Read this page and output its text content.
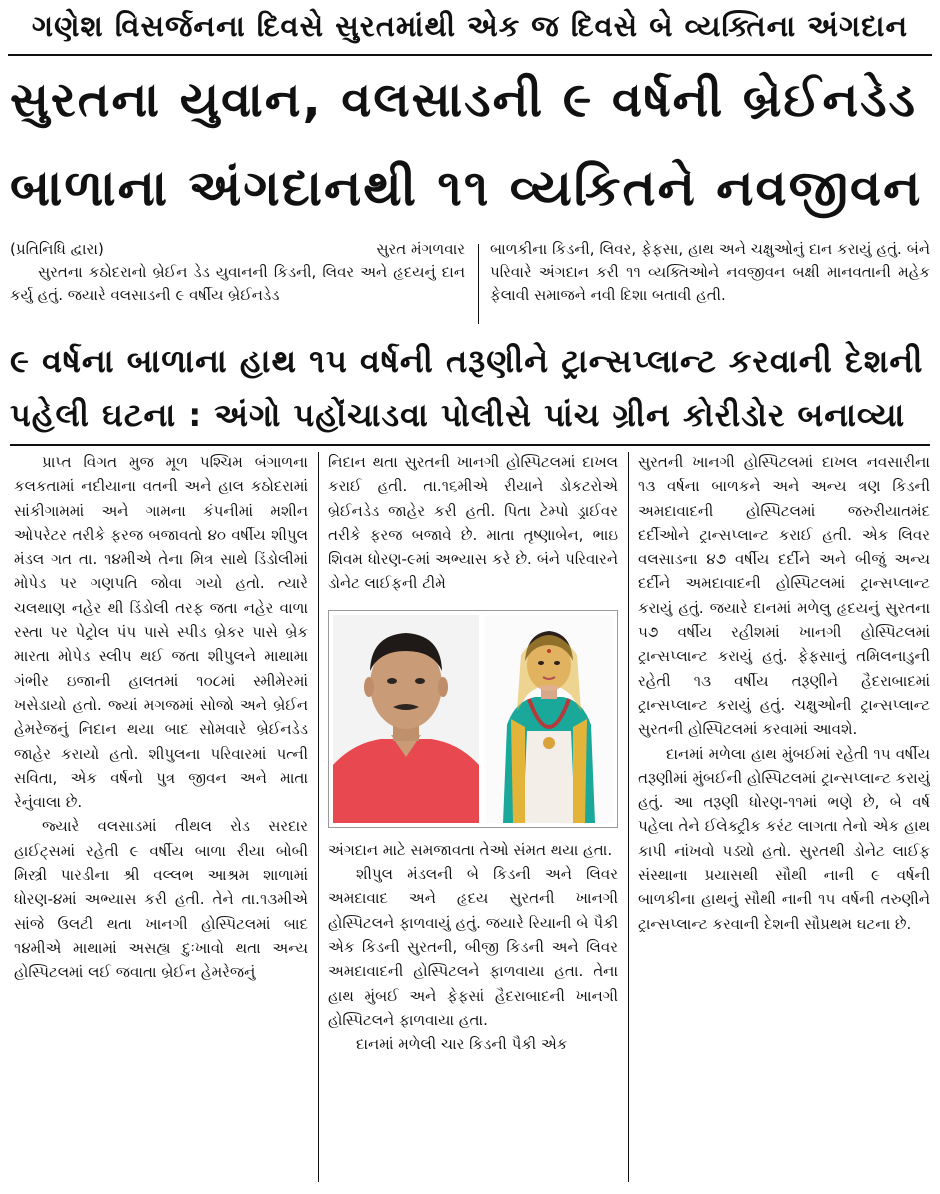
ગણેશ વિસર્જનના દિવસે સુરતમાંથી એક જ દિવસે બે વ્યક્તિના અંગદાન
સુરતના યુવાન, વલસાડની ૯ વર્ષની બ્રેઈનડેડ
બાળાના અંગદાનથી ૧૧ વ્યકિતને નવજીવન
(પ્રતિનિધિ દ્વારા)	સુરત મંગળવાર
સુરતના કઠોદરાનો બ્રેઈન ડેડ યુવાનની કિડની, લિવર અને હૃદયનું દાન કર્યુ હતું. જયારે વલસાડની ૯ વર્ષીય બ્રેઈનડેડ
બાળકીના કિડની, લિવર, ફેફસા, હાથ અને ચક્ષુઓનું દાન કરાયું હતું. બંને પરિવારે અંગદાન કરી ૧૧ વ્યક્તિઓને નવજીવન બક્ષી માનવતાની મહેક ફેલાવી સમાજને નવી દિશા બતાવી હતી.
૯ વર્ષના બાળાના હાથ ૧૫ વર્ષની તરૂણીને ટ્રાન્સપ્લાન્ટ કરવાની દેશની
પહેલી ઘટના : અંગો પહોંચાડવા પોલીસે પાંચ ગ્રીન કોરીડોર બનાવ્યા

પ્રાપ્ત વિગત મુજ મૂળ પશ્ચિમ બંગાળના કલકતામાં નદીયાના વતની અને હાલ કઠોદરામાં સાંકીગામમાં અને ગામના કંપનીમાં મશીન ઓપરેટર તરીકે ફરજ બજાવતો ૪૦ વર્ષીય શીપુલ મંડલ ગત તા. ૧૪મીએ તેના મિત્ર સાથે ડિંડોલીમાં મોપેડ પર ગણપતિ જોવા ગયો હતો. ત્યારે ચલથાણ નહેર થી ડિંડોલી તરફ જતા નહેર વાળા રસ્તા પર પેટ્રોલ પંપ પાસે સ્પીડ બ્રેકર પાસે બ્રેક મારતા મોપેડ સ્લીપ થઈ જતા શીપુલને માથામા ગંભીર ઇજાની હાલતમાં ૧૦૮માં સ્મીમેરમાં ખસેડાયો હતો. જ્યાં મગજમાં સોજો અને બ્રેઈન હેમરેજનું નિદાન થયા બાદ સોમવારે બ્રેઈનડેડ જાહેર કરાયો હતો. શીપુલના પરિવારમાં પત્ની સવિતા, એક વર્ષનો પુત્ર જીવન અને માતા રેનુંવાલા છે.

જ્યારે વલસાડમાં તીથલ રોડ સરદાર હાઈટ્સમાં રહેતી ૯ વર્ષીય બાળા રીયા બોબી મિસ્ત્રી પારડીના શ્રી વલ્લભ આશ્રમ શાળામાં ધોરણ-૪માં અભ્યાસ કરી હતી. તેને તા.૧૩મીએ સાંજે ઉલટી થતા ખાનગી હોસ્પિટલમાં બાદ ૧૪મીએ માથામાં અસહ્ય દુઃખાવો થતા અન્ય હોસ્પિટલમાં લઈ જવાતા બ્રેઈન હેમરેજનું

નિદાન થતા સુરતની ખાનગી હોસ્પિટલમાં દાખલ કરાઈ હતી. તા.૧૬મીએ રીયાને ડોકટરોએ બ્રેઈનડેડ જાહેર કરી હતી. પિતા ટેમ્પો ડ્રાઈવર તરીકે ફરજ બજાવે છે. માતા તૃષ્ણાબેન, ભાઇ શિવમ ધોરણ-૯માં અભ્યાસ કરે છે. બંને પરિવારને ડોનેટ લાઈફની ટીમે

અંગદાન માટે સમજાવતા તેઓ સંમત થયા હતા.

શીપુલ મંડલની બે કિડની અને લિવર અમદાવાદ અને હૃદય સુરતની ખાનગી હોસ્પિટલને ફાળવાયું હતું. જયારે રિયાની બે પૈકી એક કિડની સુરતની, બીજી કિડની અને લિવર અમદાવાદની હોસ્પિટલને ફાળવાયા હતા. તેના હાથ મુંબઈ અને ફેફસાં હૈદરાબાદની ખાનગી હોસ્પિટલને ફાળવાયા હતા.

દાનમાં મળેલી ચાર કિડની પૈકી એક

સુરતની ખાનગી હોસ્પિટલમાં દાખલ નવસારીના ૧૩ વર્ષના બાળકને અને અન્ય ત્રણ કિડની અમદાવાદની હોસ્પિટલમાં જરુરીયાતમંદ દર્દીઓને ટ્રાન્સપ્લાન્ટ કરાઈ હતી. એક લિવર વલસાડના ૪૭ વર્ષીય દર્દીને અને બીજું અન્ય દર્દીને અમદાવાદની હોસ્પિટલમાં ટ્રાન્સપ્લાન્ટ કરાયું હતું. જયારે દાનમાં મળેલુ હૃદયનું સુરતના ૫૭ વર્ષીય રહીશમાં ખાનગી હોસ્પિટલમાં ટ્રાન્સપ્લાન્ટ કરાયું હતું. ફેફસાનું તમિલનાડુની રહેતી ૧૩ વર્ષીય તરૂણીને હૈદરાબાદમાં ટ્રાન્સપ્લાન્ટ કરાયું હતું. ચક્ષુઓની ટ્રાન્સપ્લાન્ટ સુરતની હોસ્પિટલમાં કરવામાં આવશે.

દાનમાં મળેલા હાથ મુંબઈમાં રહેતી ૧૫ વર્ષીય તરૂણીમાં મુંબઈની હોસ્પિટલમાં ટ્રાન્સપ્લાન્ટ કરાયું હતું. આ તરૂણી ધોરણ-૧૧માં ભણે છે, બે વર્ષ પહેલા તેને ઈલેક્ટ્રીક કરંટ લાગતા તેનો એક હાથ કાપી નાંખવો પડ્યો હતો. સુરતથી ડોનેટ લાઈફ સંસ્થાના પ્રયાસથી સૌથી નાની ૯ વર્ષની બાળકીના હાથનું સૌથી નાની ૧૫ વર્ષની તરુણીને ટ્રાન્સપ્લાન્ટ કરવાની દેશની સૌપ્રથમ ઘટના છે.
